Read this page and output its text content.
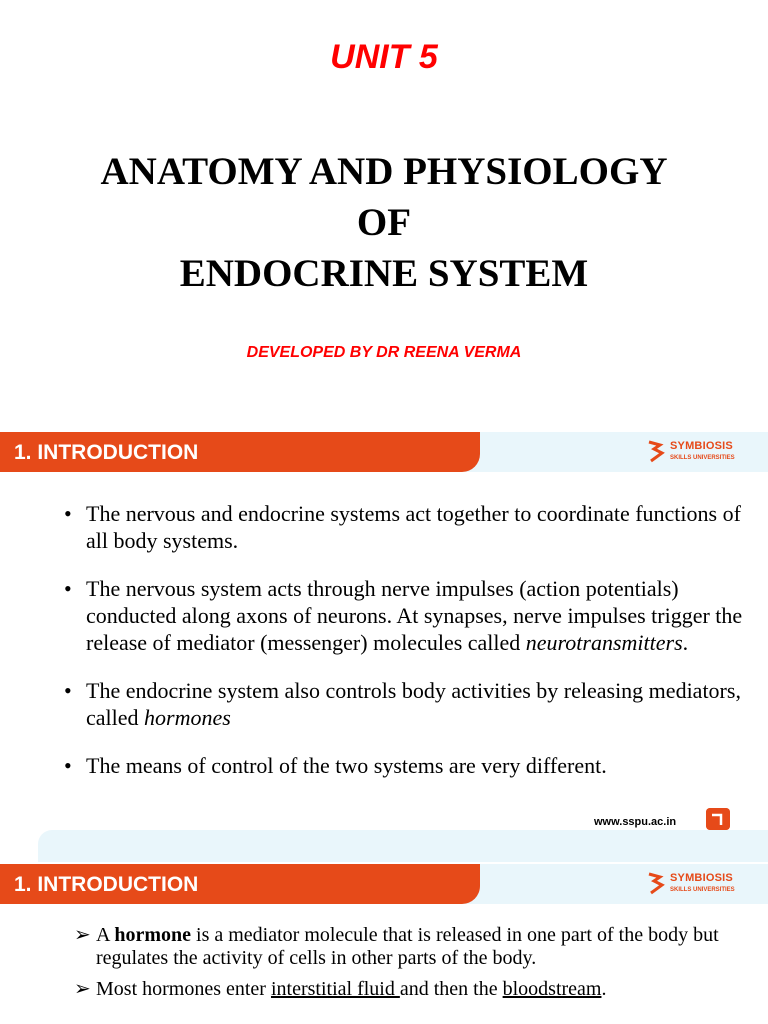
UNIT 5
ANATOMY AND PHYSIOLOGY
OF
ENDOCRINE SYSTEM
DEVELOPED BY DR REENA VERMA
1. INTRODUCTION	SYMBIOSIS
SKILLS UNIVERSITIES
• The nervous and endocrine systems act together to coordinate functions of all body systems.
• The nervous system acts through nerve impulses (action potentials) conducted along axons of neurons. At synapses, nerve impulses trigger the release of mediator (messenger) molecules called neurotransmitters.
• The endocrine system also controls body activities by releasing mediators, called hormones
• The means of control of the two systems are very different.
www.sspu.ac.in
1. INTRODUCTION	SYMBIOSIS
SKILLS UNIVERSITIES
➢ A hormone is a mediator molecule that is released in one part of the body but regulates the activity of cells in other parts of the body.
➢ Most hormones enter interstitial fluid and then the bloodstream.
